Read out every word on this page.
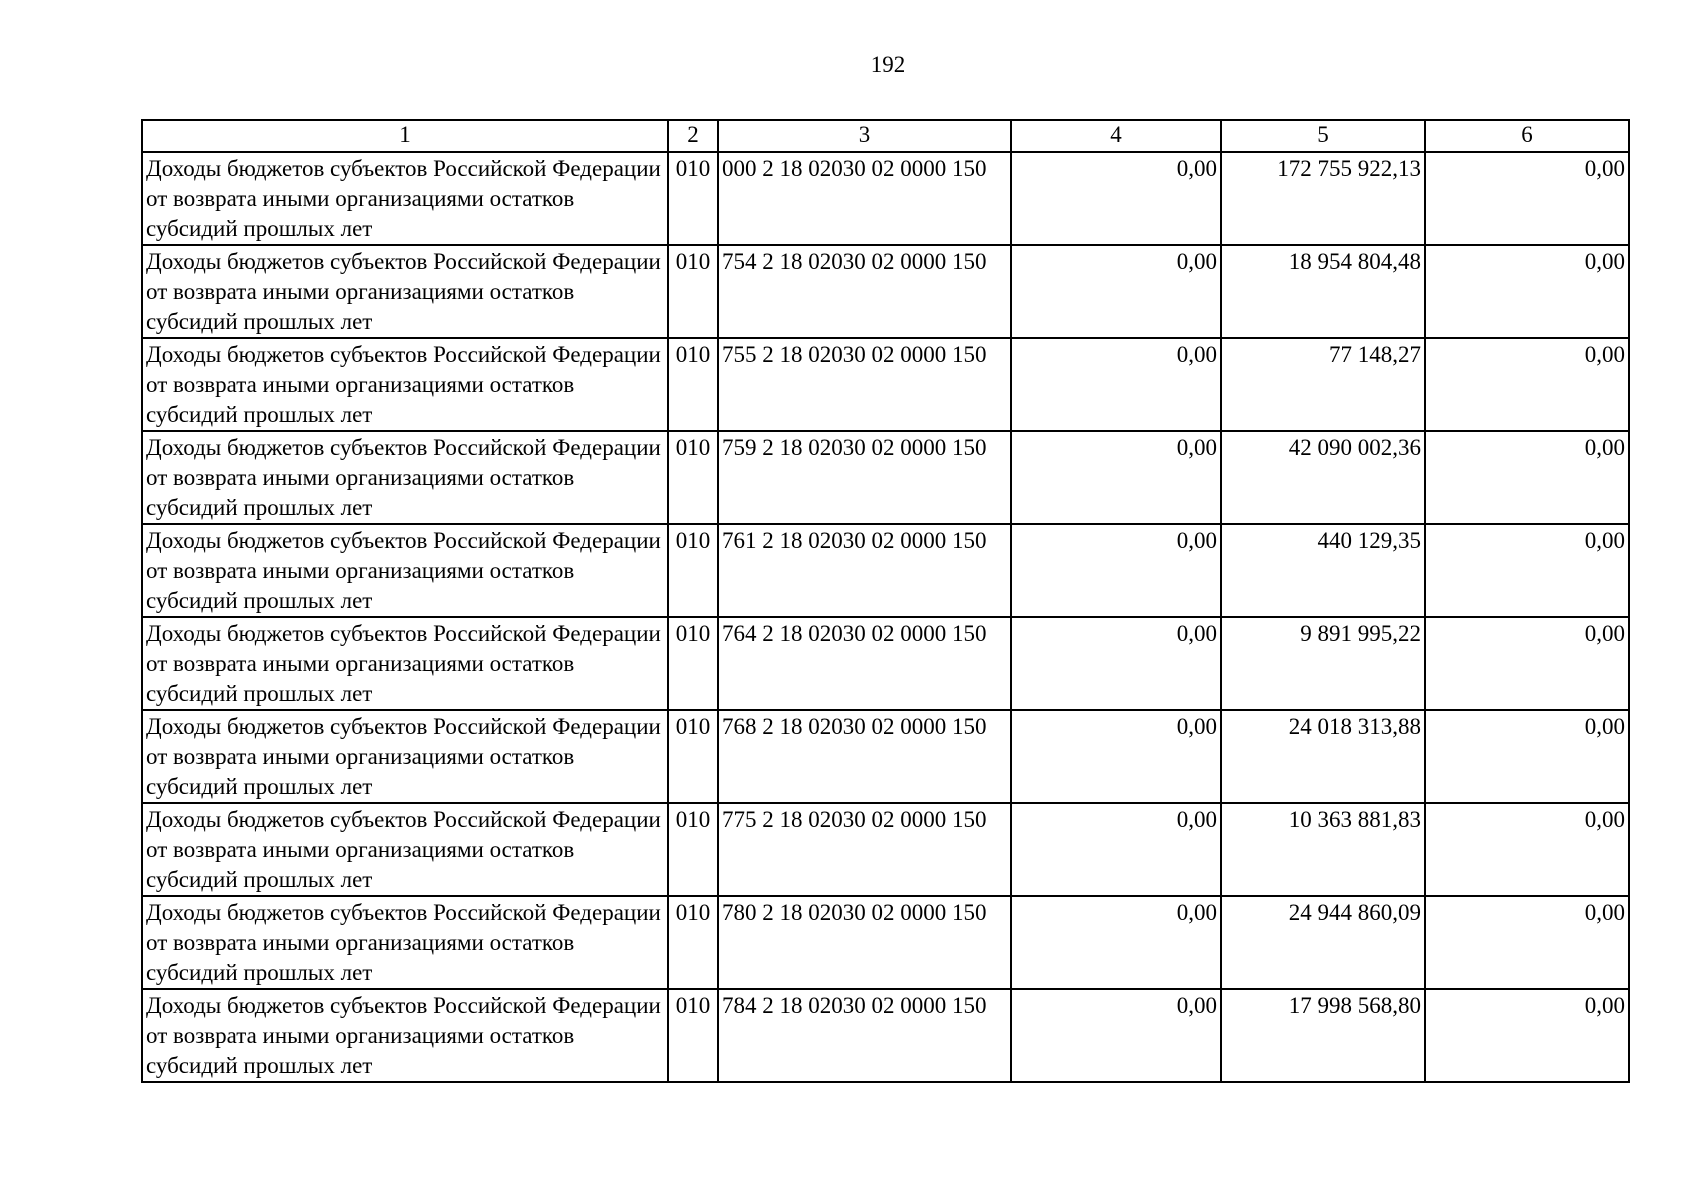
192
1	2	3	4	5	6
Доходы бюджетов субъектов Российской Федерации от возврата иными организациями остатков субсидий прошлых лет	010	000 2 18 02030 02 0000 150	0,00	172 755 922,13	0,00
Доходы бюджетов субъектов Российской Федерации от возврата иными организациями остатков субсидий прошлых лет	010	754 2 18 02030 02 0000 150	0,00	18 954 804,48	0,00
Доходы бюджетов субъектов Российской Федерации от возврата иными организациями остатков субсидий прошлых лет	010	755 2 18 02030 02 0000 150	0,00	77 148,27	0,00
Доходы бюджетов субъектов Российской Федерации от возврата иными организациями остатков субсидий прошлых лет	010	759 2 18 02030 02 0000 150	0,00	42 090 002,36	0,00
Доходы бюджетов субъектов Российской Федерации от возврата иными организациями остатков субсидий прошлых лет	010	761 2 18 02030 02 0000 150	0,00	440 129,35	0,00
Доходы бюджетов субъектов Российской Федерации от возврата иными организациями остатков субсидий прошлых лет	010	764 2 18 02030 02 0000 150	0,00	9 891 995,22	0,00
Доходы бюджетов субъектов Российской Федерации от возврата иными организациями остатков субсидий прошлых лет	010	768 2 18 02030 02 0000 150	0,00	24 018 313,88	0,00
Доходы бюджетов субъектов Российской Федерации от возврата иными организациями остатков субсидий прошлых лет	010	775 2 18 02030 02 0000 150	0,00	10 363 881,83	0,00
Доходы бюджетов субъектов Российской Федерации от возврата иными организациями остатков субсидий прошлых лет	010	780 2 18 02030 02 0000 150	0,00	24 944 860,09	0,00
Доходы бюджетов субъектов Российской Федерации от возврата иными организациями остатков субсидий прошлых лет	010	784 2 18 02030 02 0000 150	0,00	17 998 568,80	0,00
